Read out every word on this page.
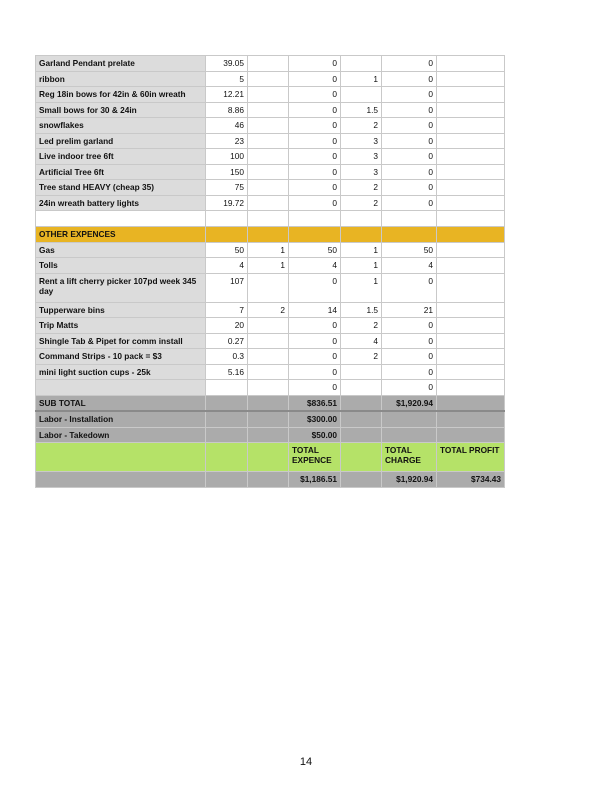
Garland Pendant prelate	39.05		0		0	
ribbon	5		0	1	0	
Reg 18in bows for 42in & 60in wreath	12.21		0		0	
Small bows for 30 & 24in	8.86		0	1.5	0	
snowflakes	46		0	2	0	
Led prelim garland	23		0	3	0	
Live indoor tree 6ft	100		0	3	0	
Artificial Tree 6ft	150		0	3	0	
Tree stand HEAVY (cheap 35)	75		0	2	0	
24in wreath battery lights	19.72		0	2	0	

OTHER EXPENCES						
Gas	50	1	50	1	50	
Tolls	4	1	4	1	4	
Rent a lift cherry picker 107pd week 345 day	107		0	1	0	
Tupperware bins	7	2	14	1.5	21	
Trip Matts	20		0	2	0	
Shingle Tab & Pipet for comm install	0.27		0	4	0	
Command Strips - 10 pack = $3	0.3		0	2	0	
mini light suction cups - 25k	5.16		0		0	
			0		0	
SUB TOTAL			$836.51		$1,920.94	
Labor - Installation			$300.00			
Labor - Takedown			$50.00			
			TOTAL EXPENCE		TOTAL CHARGE	TOTAL PROFIT
			$1,186.51		$1,920.94	$734.43
14
